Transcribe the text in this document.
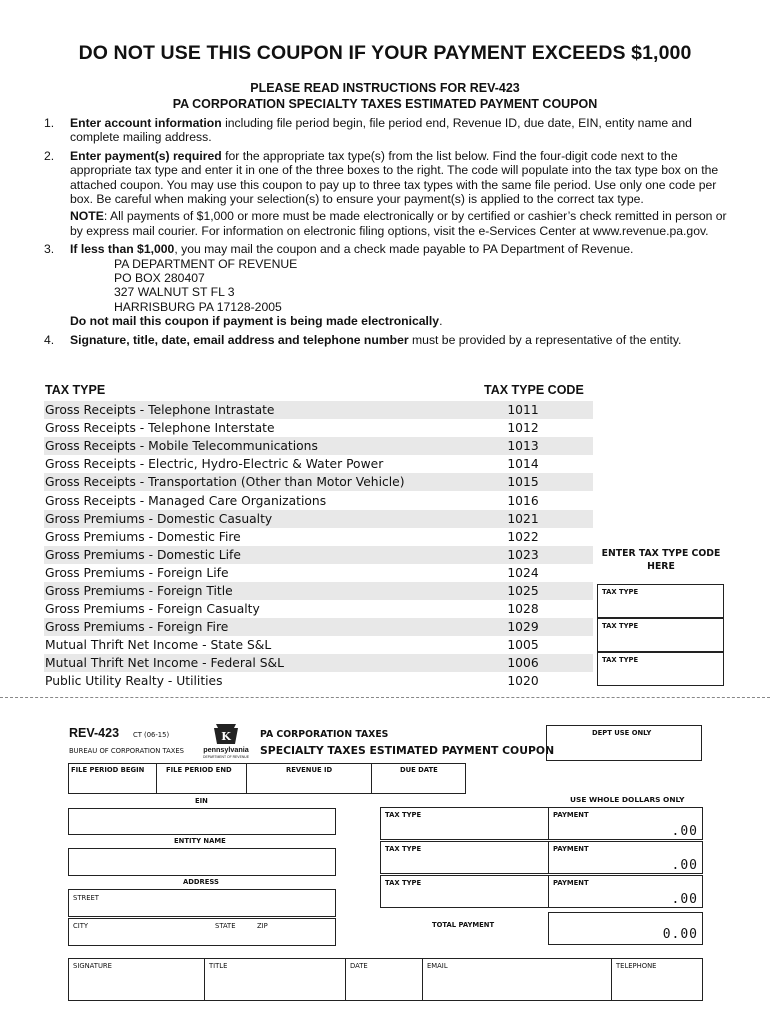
DO NOT USE THIS COUPON IF YOUR PAYMENT EXCEEDS $1,000
PLEASE READ INSTRUCTIONS FOR REV-423
PA CORPORATION SPECIALTY TAXES ESTIMATED PAYMENT COUPON
1. Enter account information including file period begin, file period end, Revenue ID, due date, EIN, entity name and complete mailing address.

2. Enter payment(s) required for the appropriate tax type(s) from the list below. Find the four-digit code next to the appropriate tax type and enter it in one of the three boxes to the right. The code will populate into the tax type box on the attached coupon. You may use this coupon to pay up to three tax types with the same file period. Use only one code per box. Be careful when making your selection(s) to ensure your payment(s) is applied to the correct tax type.

NOTE: All payments of $1,000 or more must be made electronically or by certified or cashier’s check remitted in person or by express mail courier. For information on electronic filing options, visit the e-Services Center at www.revenue.pa.gov.

3. If less than $1,000, you may mail the coupon and a check made payable to PA Department of Revenue.

PA DEPARTMENT OF REVENUE
PO BOX 280407
327 WALNUT ST FL 3
HARRISBURG PA 17128-2005

Do not mail this coupon if payment is being made electronically.

4. Signature, title, date, email address and telephone number must be provided by a representative of the entity.

TAX TYPE	TAX TYPE CODE
Gross Receipts - Telephone Intrastate	1011
Gross Receipts - Telephone Interstate	1012
Gross Receipts - Mobile Telecommunications	1013
Gross Receipts - Electric, Hydro-Electric & Water Power	1014
Gross Receipts - Transportation (Other than Motor Vehicle)	1015
Gross Receipts - Managed Care Organizations	1016
Gross Premiums - Domestic Casualty	1021
Gross Premiums - Domestic Fire	1022
Gross Premiums - Domestic Life	1023
Gross Premiums - Foreign Life	1024
Gross Premiums - Foreign Title	1025
Gross Premiums - Foreign Casualty	1028
Gross Premiums - Foreign Fire	1029
Mutual Thrift Net Income - State S&L	1005
Mutual Thrift Net Income - Federal S&L	1006
Public Utility Realty - Utilities	1020
ENTER TAX TYPE CODE HERE
TAX TYPE
TAX TYPE
TAX TYPE
REV-423 CT (06-15)
BUREAU OF CORPORATION TAXES
K
pennsylvania
DEPARTMENT OF REVENUE
PA CORPORATION TAXES
SPECIALTY TAXES ESTIMATED PAYMENT COUPON
DEPT USE ONLY
FILE PERIOD BEGIN	FILE PERIOD END	REVENUE ID	DUE DATE
EIN
ENTITY NAME
ADDRESS
STREET
CITY	STATE	ZIP
USE WHOLE DOLLARS ONLY
TAX TYPE	PAYMENT
.00
TAX TYPE	PAYMENT
.00
TAX TYPE	PAYMENT
.00
TOTAL PAYMENT
0.00
SIGNATURE	TITLE	DATE	EMAIL	TELEPHONE
